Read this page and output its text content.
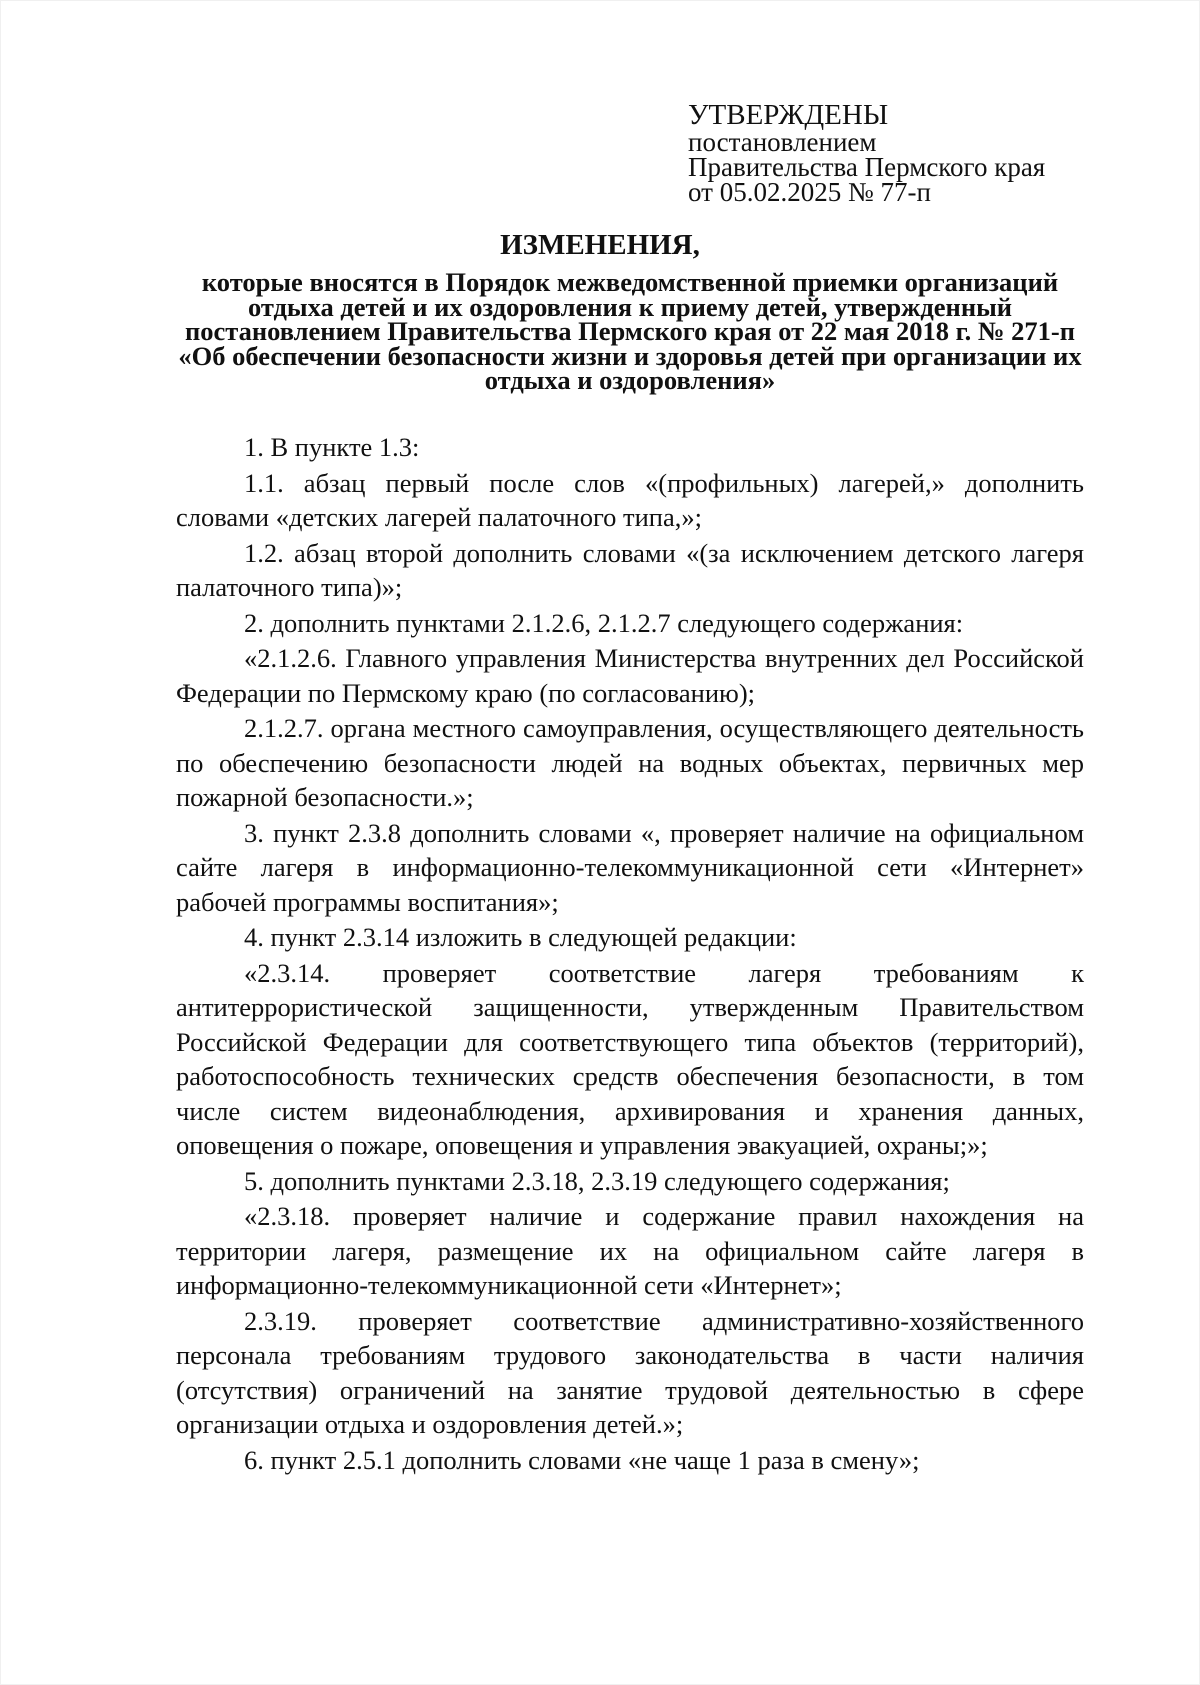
УТВЕРЖДЕНЫ
постановлением
Правительства Пермского края
от 05.02.2025 № 77-п
ИЗМЕНЕНИЯ,
которые вносятся в Порядок межведомственной приемки организаций отдыха детей и их оздоровления к приему детей, утвержденный постановлением Правительства Пермского края от 22 мая 2018 г. № 271-п «Об обеспечении безопасности жизни и здоровья детей при организации их отдыха и оздоровления»

1. В пункте 1.3:

1.1. абзац первый после слов «(профильных) лагерей,» дополнить словами «детских лагерей палаточного типа,»;

1.2. абзац второй дополнить словами «(за исключением детского лагеря палаточного типа)»;

2. дополнить пунктами 2.1.2.6, 2.1.2.7 следующего содержания:

«2.1.2.6. Главного управления Министерства внутренних дел Российской Федерации по Пермскому краю (по согласованию);

2.1.2.7. органа местного самоуправления, осуществляющего деятельность по обеспечению безопасности людей на водных объектах, первичных мер пожарной безопасности.»;

3. пункт 2.3.8 дополнить словами «, проверяет наличие на официальном сайте лагеря в информационно-телекоммуникационной сети «Интернет» рабочей программы воспитания»;

4. пункт 2.3.14 изложить в следующей редакции:

«2.3.14. проверяет соответствие лагеря требованиям к антитеррористической защищенности, утвержденным Правительством Российской Федерации для соответствующего типа объектов (территорий), работоспособность технических средств обеспечения безопасности, в том числе систем видеонаблюдения, архивирования и хранения данных, оповещения о пожаре, оповещения и управления эвакуацией, охраны;»;

5. дополнить пунктами 2.3.18, 2.3.19 следующего содержания;

«2.3.18. проверяет наличие и содержание правил нахождения на территории лагеря, размещение их на официальном сайте лагеря в информационно-телекоммуникационной сети «Интернет»;

2.3.19. проверяет соответствие административно-хозяйственного персонала требованиям трудового законодательства в части наличия (отсутствия) ограничений на занятие трудовой деятельностью в сфере организации отдыха и оздоровления детей.»;

6. пункт 2.5.1 дополнить словами «не чаще 1 раза в смену»;
